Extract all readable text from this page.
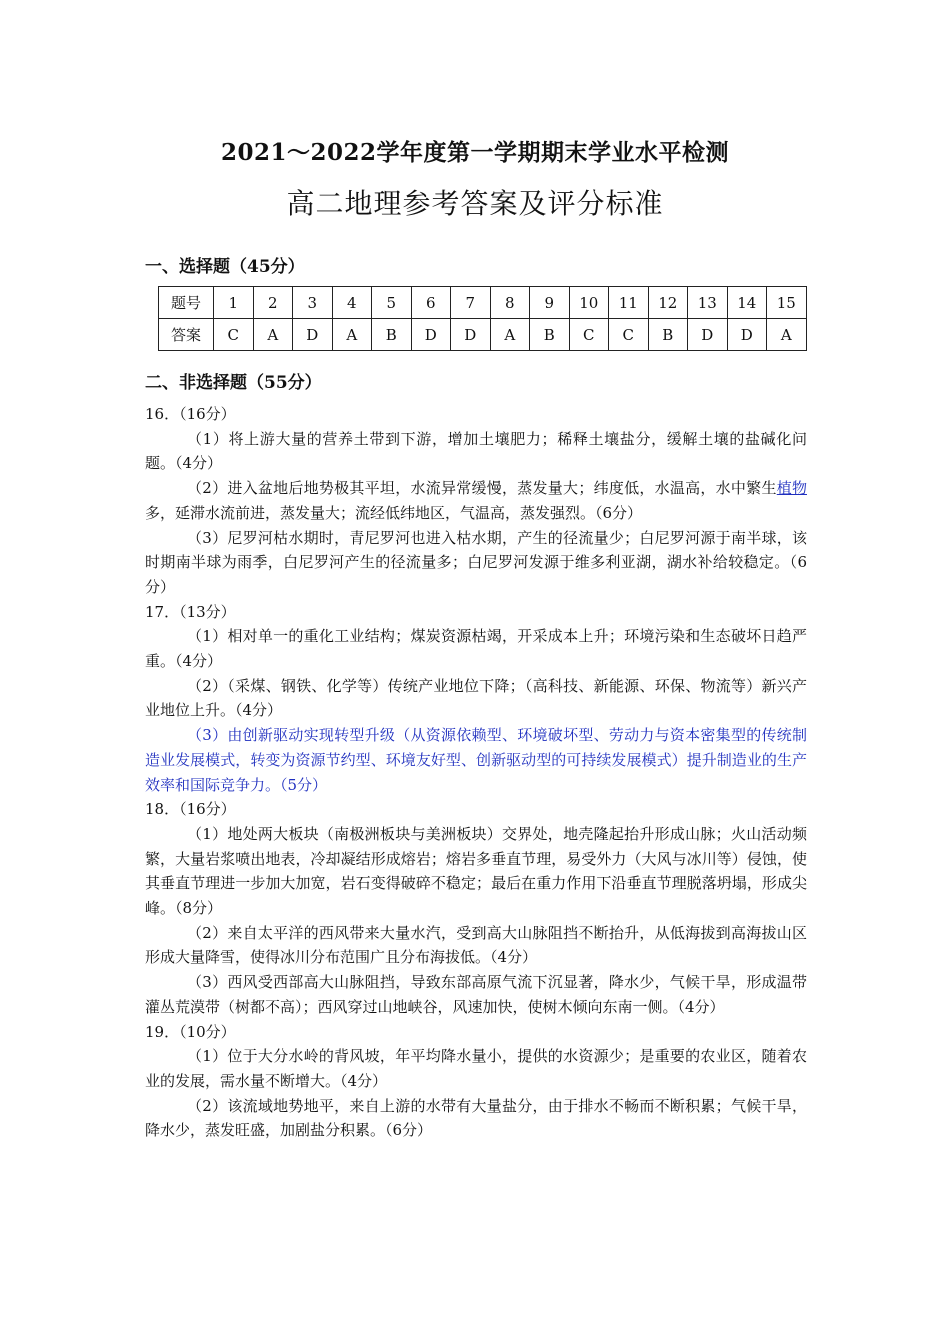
2021～2022学年度第一学期期末学业水平检测
高二地理参考答案及评分标准
一、选择题（45分）
题号	1	2	3	4	5	6	7	8	9	10	11	12	13	14	15
答案	C	A	D	A	B	D	D	A	B	C	C	B	D	D	A
二、非选择题（55分）

16．（16分）

（1）将上游大量的营养土带到下游，增加土壤肥力；稀释土壤盐分，缓解土壤的盐碱化问题。（4分）

（2）进入盆地后地势极其平坦，水流异常缓慢，蒸发量大；纬度低，水温高，水中繁生植物多，延滞水流前进，蒸发量大；流经低纬地区，气温高，蒸发强烈。（6分）

（3）尼罗河枯水期时，青尼罗河也进入枯水期，产生的径流量少；白尼罗河源于南半球，该时期南半球为雨季，白尼罗河产生的径流量多；白尼罗河发源于维多利亚湖，湖水补给较稳定。（6分）

17．（13分）

（1）相对单一的重化工业结构；煤炭资源枯竭，开采成本上升；环境污染和生态破坏日趋严重。（4分）

（2）（采煤、钢铁、化学等）传统产业地位下降；（高科技、新能源、环保、物流等）新兴产业地位上升。（4分）

（3）由创新驱动实现转型升级（从资源依赖型、环境破坏型、劳动力与资本密集型的传统制造业发展模式，转变为资源节约型、环境友好型、创新驱动型的可持续发展模式）提升制造业的生产效率和国际竞争力。（5分）

18．（16分）

（1）地处两大板块（南极洲板块与美洲板块）交界处，地壳隆起抬升形成山脉；火山活动频繁，大量岩浆喷出地表，冷却凝结形成熔岩；熔岩多垂直节理，易受外力（大风与冰川等）侵蚀，使其垂直节理进一步加大加宽，岩石变得破碎不稳定；最后在重力作用下沿垂直节理脱落坍塌，形成尖峰。（8分）

（2）来自太平洋的西风带来大量水汽，受到高大山脉阻挡不断抬升，从低海拔到高海拔山区形成大量降雪，使得冰川分布范围广且分布海拔低。（4分）

（3）西风受西部高大山脉阻挡，导致东部高原气流下沉显著，降水少，气候干旱，形成温带灌丛荒漠带（树都不高）；西风穿过山地峡谷，风速加快，使树木倾向东南一侧。（4分）

19．（10分）

（1）位于大分水岭的背风坡，年平均降水量小，提供的水资源少；是重要的农业区，随着农业的发展，需水量不断增大。（4分）

（2）该流域地势地平，来自上游的水带有大量盐分，由于排水不畅而不断积累；气候干旱，降水少，蒸发旺盛，加剧盐分积累。（6分）
